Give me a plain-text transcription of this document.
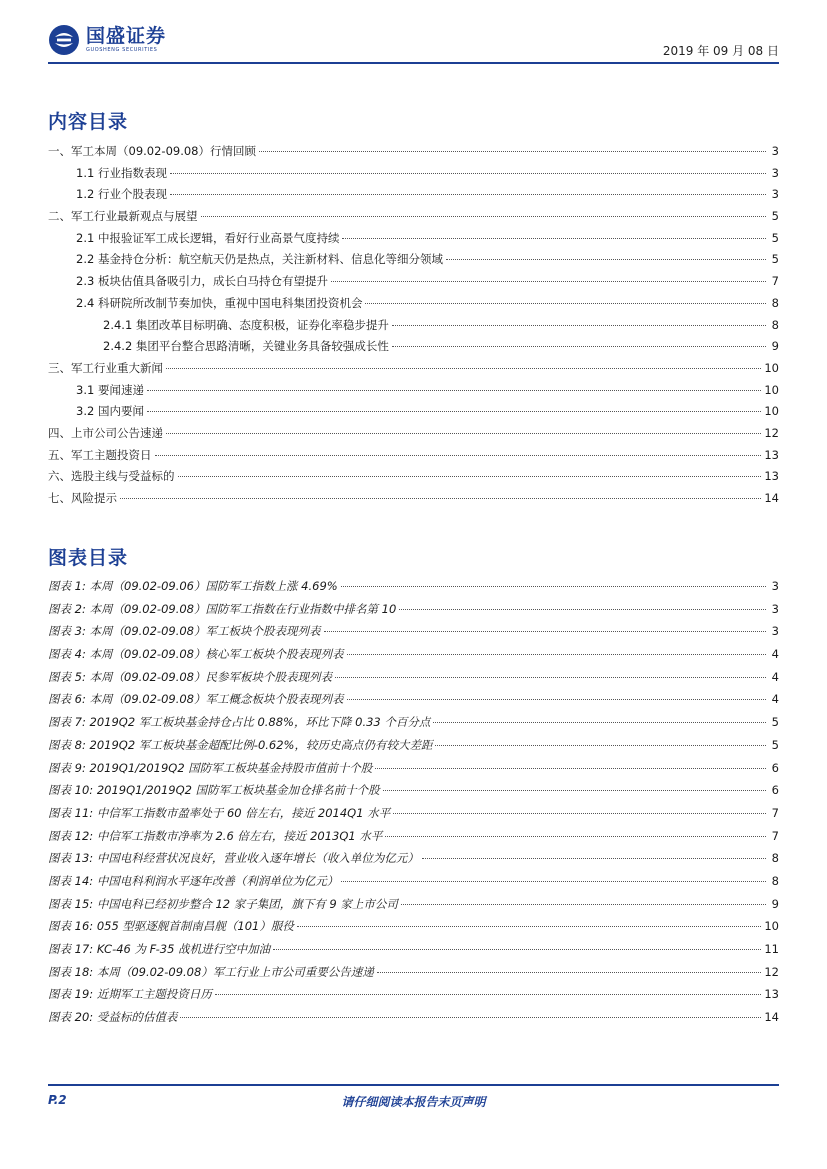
国盛证券
GUOSHENG SECURITIES	2019 年 09 月 08 日
内容目录
一、军工本周（09.02-09.08）行情回顾	3
1.1 行业指数表现	3
1.2 行业个股表现	3
二、军工行业最新观点与展望	5
2.1 中报验证军工成长逻辑，看好行业高景气度持续	5
2.2 基金持仓分析：航空航天仍是热点，关注新材料、信息化等细分领域	5
2.3 板块估值具备吸引力，成长白马持仓有望提升	7
2.4 科研院所改制节奏加快，重视中国电科集团投资机会	8
2.4.1 集团改革目标明确、态度积极，证券化率稳步提升	8
2.4.2 集团平台整合思路清晰，关键业务具备较强成长性	9
三、军工行业重大新闻	10
3.1 要闻速递	10
3.2 国内要闻	10
四、上市公司公告速递	12
五、军工主题投资日	13
六、选股主线与受益标的	13
七、风险提示	14
图表目录
图表 1: 本周（09.02-09.06）国防军工指数上涨 4.69%	3
图表 2: 本周（09.02-09.08）国防军工指数在行业指数中排名第 10	3
图表 3: 本周（09.02-09.08）军工板块个股表现列表	3
图表 4: 本周（09.02-09.08）核心军工板块个股表现列表	4
图表 5: 本周（09.02-09.08）民参军板块个股表现列表	4
图表 6: 本周（09.02-09.08）军工概念板块个股表现列表	4
图表 7: 2019Q2 军工板块基金持仓占比 0.88%，环比下降 0.33 个百分点	5
图表 8: 2019Q2 军工板块基金超配比例-0.62%，较历史高点仍有较大差距	5
图表 9: 2019Q1/2019Q2 国防军工板块基金持股市值前十个股	6
图表 10: 2019Q1/2019Q2 国防军工板块基金加仓排名前十个股	6
图表 11: 中信军工指数市盈率处于 60 倍左右，接近 2014Q1 水平	7
图表 12: 中信军工指数市净率为 2.6 倍左右，接近 2013Q1 水平	7
图表 13: 中国电科经营状况良好，营业收入逐年增长（收入单位为亿元）	8
图表 14: 中国电科利润水平逐年改善（利润单位为亿元）	8
图表 15: 中国电科已经初步整合 12 家子集团，旗下有 9 家上市公司	9
图表 16: 055 型驱逐舰首制南昌舰（101）服役	10
图表 17: KC-46 为 F-35 战机进行空中加油	11
图表 18: 本周（09.02-09.08）军工行业上市公司重要公告速递	12
图表 19: 近期军工主题投资日历	13
图表 20: 受益标的估值表	14
P.2	请仔细阅读本报告末页声明
